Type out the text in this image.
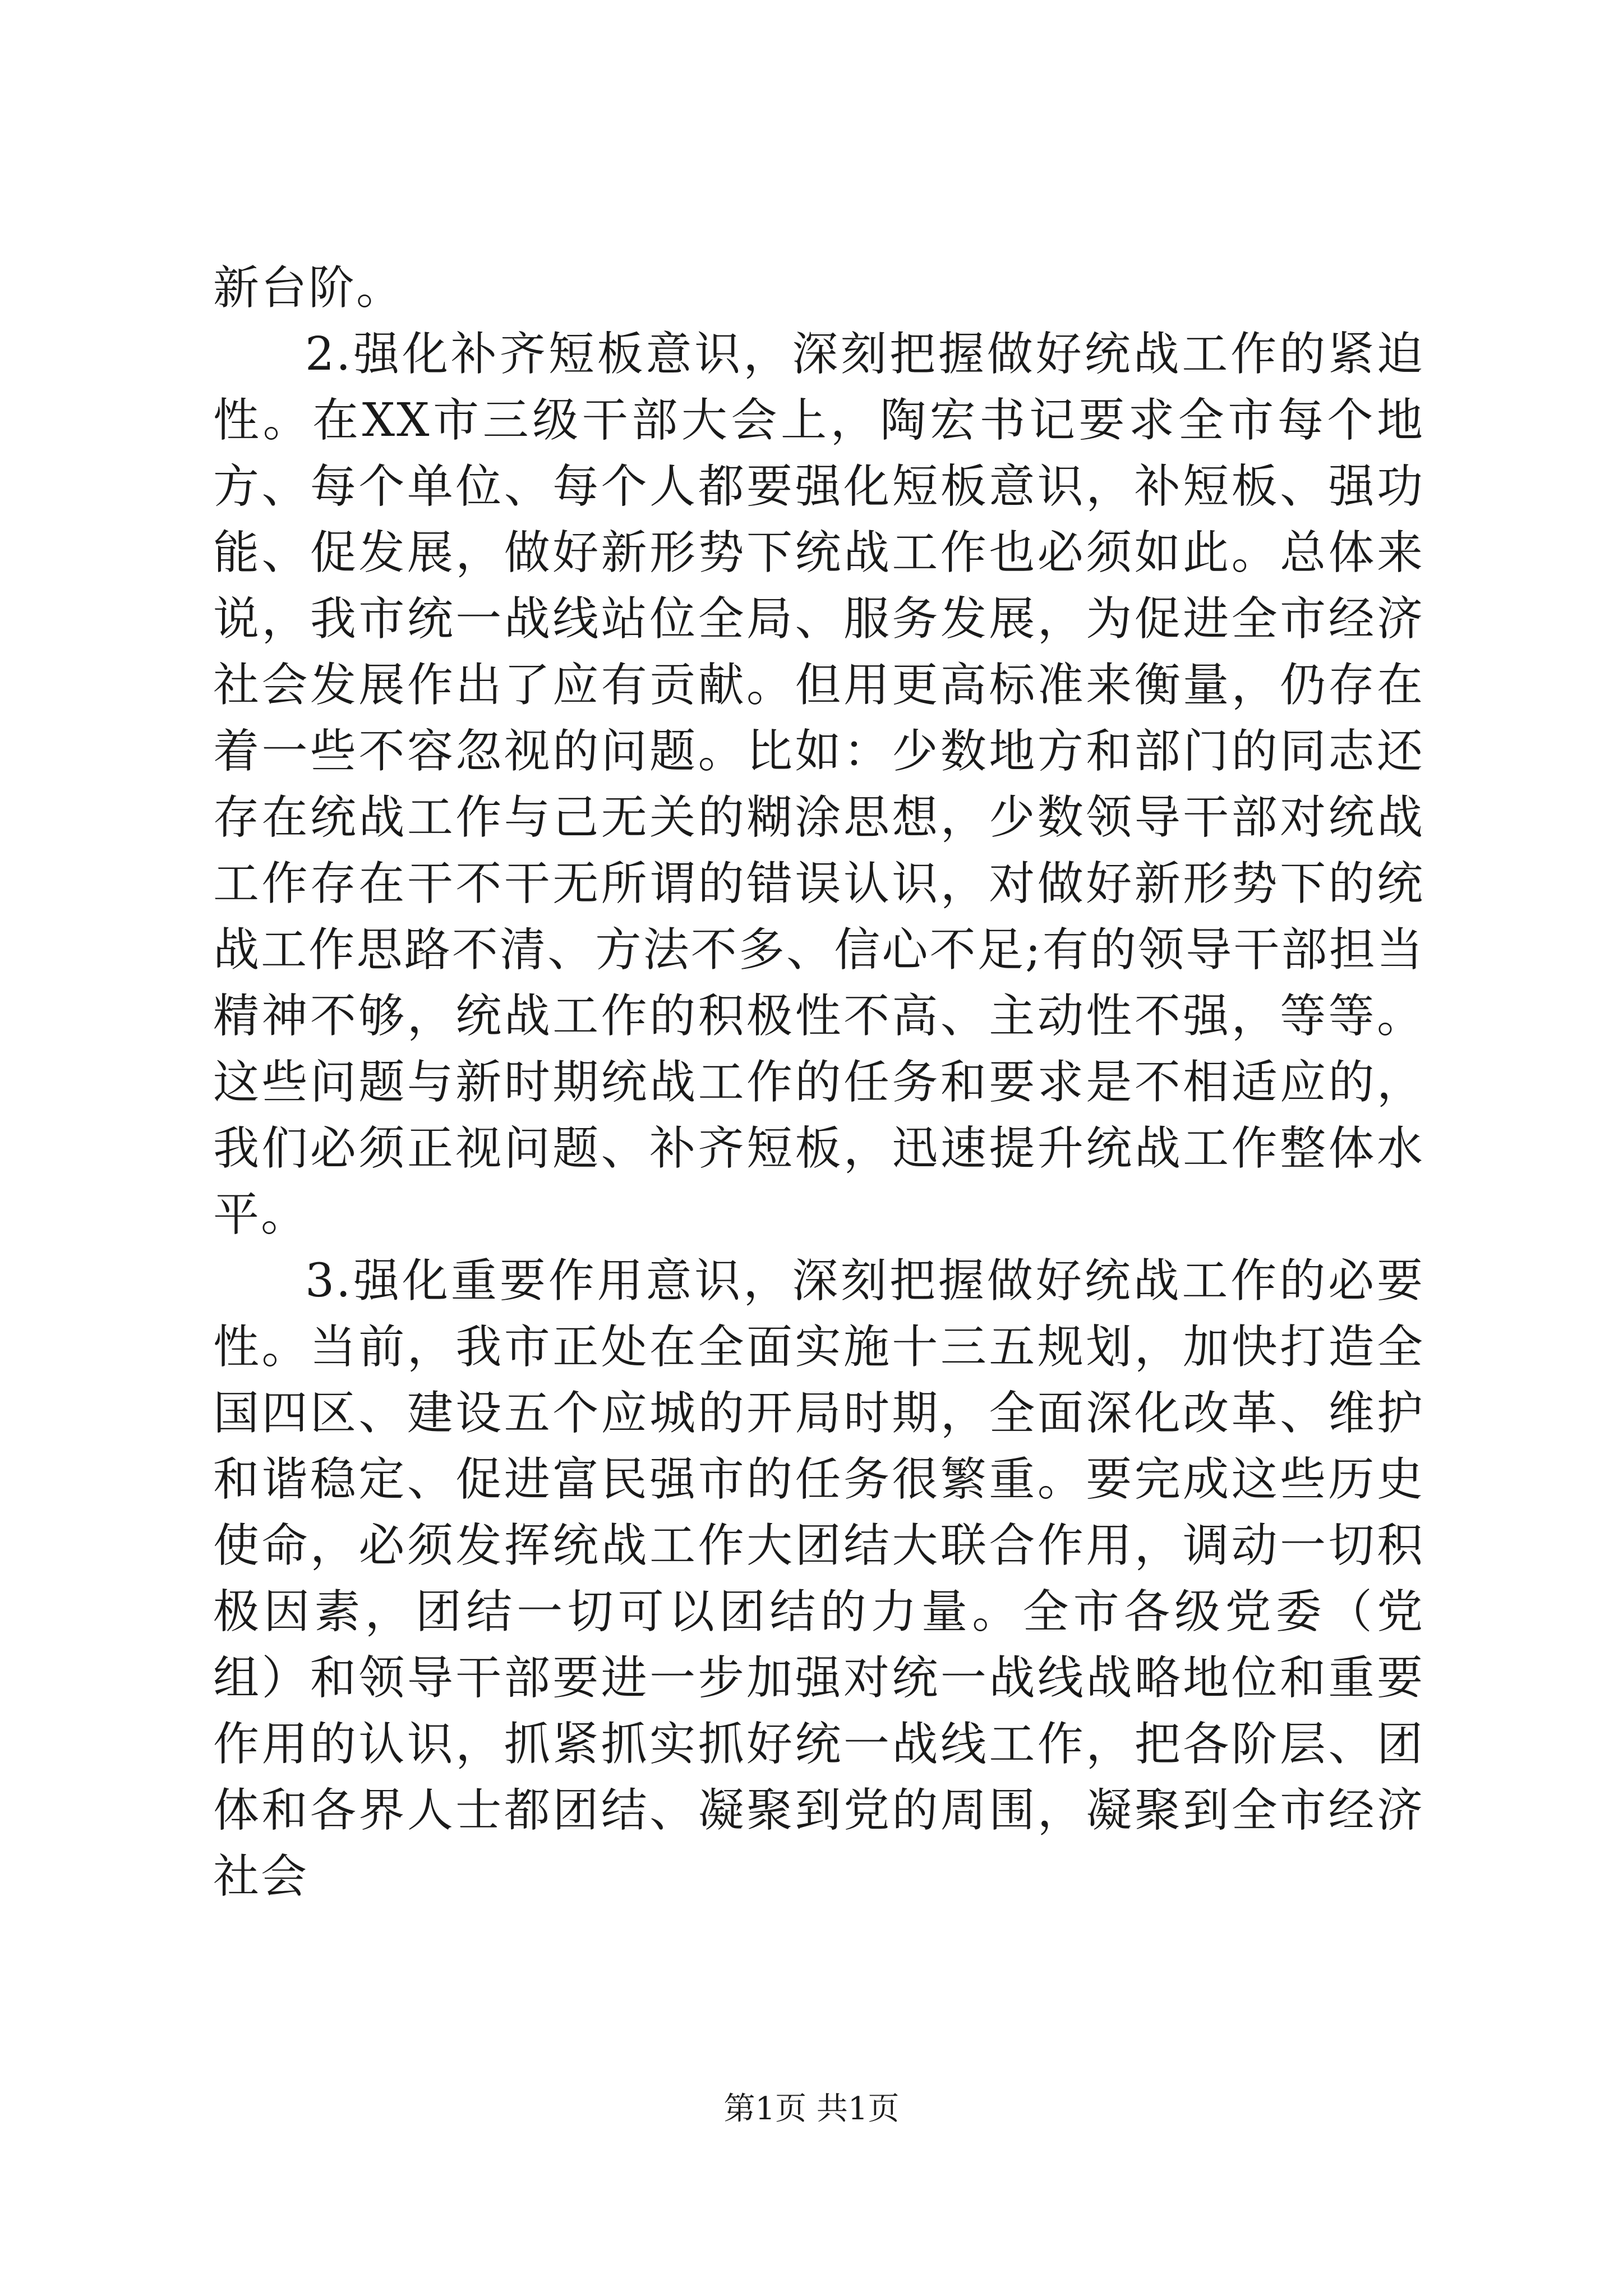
新台阶。

2.强化补齐短板意识，深刻把握做好统战工作的紧迫性。在XX市三级干部大会上，陶宏书记要求全市每个地方、每个单位、每个人都要强化短板意识，补短板、强功能、促发展，做好新形势下统战工作也必须如此。总体来说，我市统一战线站位全局、服务发展，为促进全市经济社会发展作出了应有贡献。但用更高标准来衡量，仍存在着一些不容忽视的问题。比如：少数地方和部门的同志还存在统战工作与己无关的糊涂思想，少数领导干部对统战工作存在干不干无所谓的错误认识，对做好新形势下的统战工作思路不清、方法不多、信心不足;有的领导干部担当精神不够，统战工作的积极性不高、主动性不强，等等。这些问题与新时期统战工作的任务和要求是不相适应的，我们必须正视问题、补齐短板，迅速提升统战工作整体水平。

3.强化重要作用意识，深刻把握做好统战工作的必要性。当前，我市正处在全面实施十三五规划，加快打造全国四区、建设五个应城的开局时期，全面深化改革、维护和谐稳定、促进富民强市的任务很繁重。要完成这些历史使命，必须发挥统战工作大团结大联合作用，调动一切积极因素，团结一切可以团结的力量。全市各级党委（党组）和领导干部要进一步加强对统一战线战略地位和重要作用的认识，抓紧抓实抓好统一战线工作，把各阶层、团体和各界人士都团结、凝聚到党的周围，凝聚到全市经济社会

第1页 共1页
